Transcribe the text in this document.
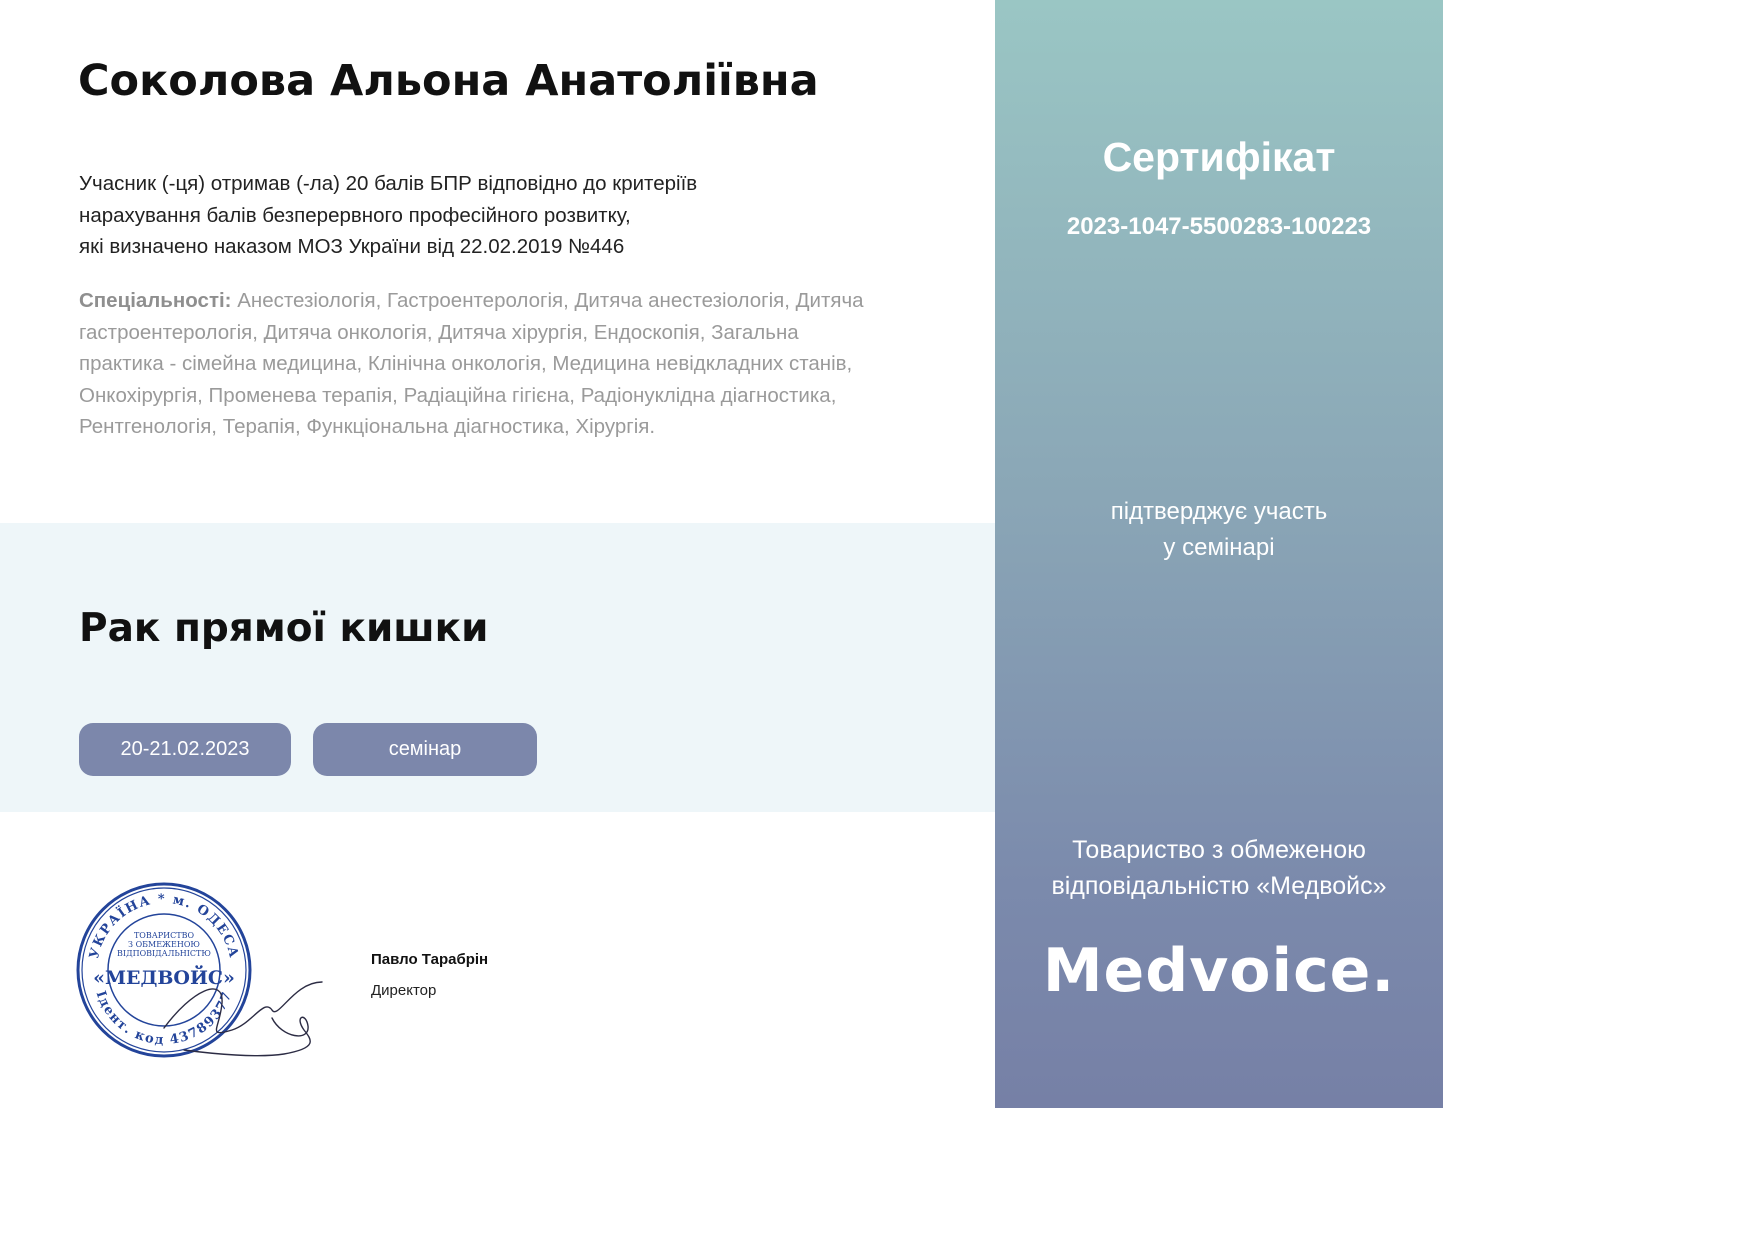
Соколова Альона Анатоліївна
Учасник (-ця) отримав (-ла) 20 балів БПР відповідно до критеріїв
нарахування балів безперервного професійного розвитку,
які визначено наказом МОЗ України від 22.02.2019 №446
Спеціальності: Анестезіологія, Гастроентерологія, Дитяча анестезіологія, Дитяча
гастроентерологія, Дитяча онкологія, Дитяча хірургія, Ендоскопія, Загальна
практика - сімейна медицина, Клінічна онкологія, Медицина невідкладних станів,
Онкохірургія, Променева терапія, Радіаційна гігієна, Радіонуклідна діагностика,
Рентгенологія, Терапія, Функціональна діагностика, Хірургія.
Рак прямої кишки
20-21.02.2023	семінар
УКРАЇНА * м. ОДЕСА
Ідент. код 43789377
ТОВАРИСТВО
З ОБМЕЖЕНОЮ
ВІДПОВІДАЛЬНІСТЮ
«МЕДВОЙС»
Павло Тарабрін
Директор
Сертифікат
2023-1047-5500283-100223
підтверджує участь
у семінарі
Товариство з обмеженою
відповідальністю «Медвойс»
Medvoice.
